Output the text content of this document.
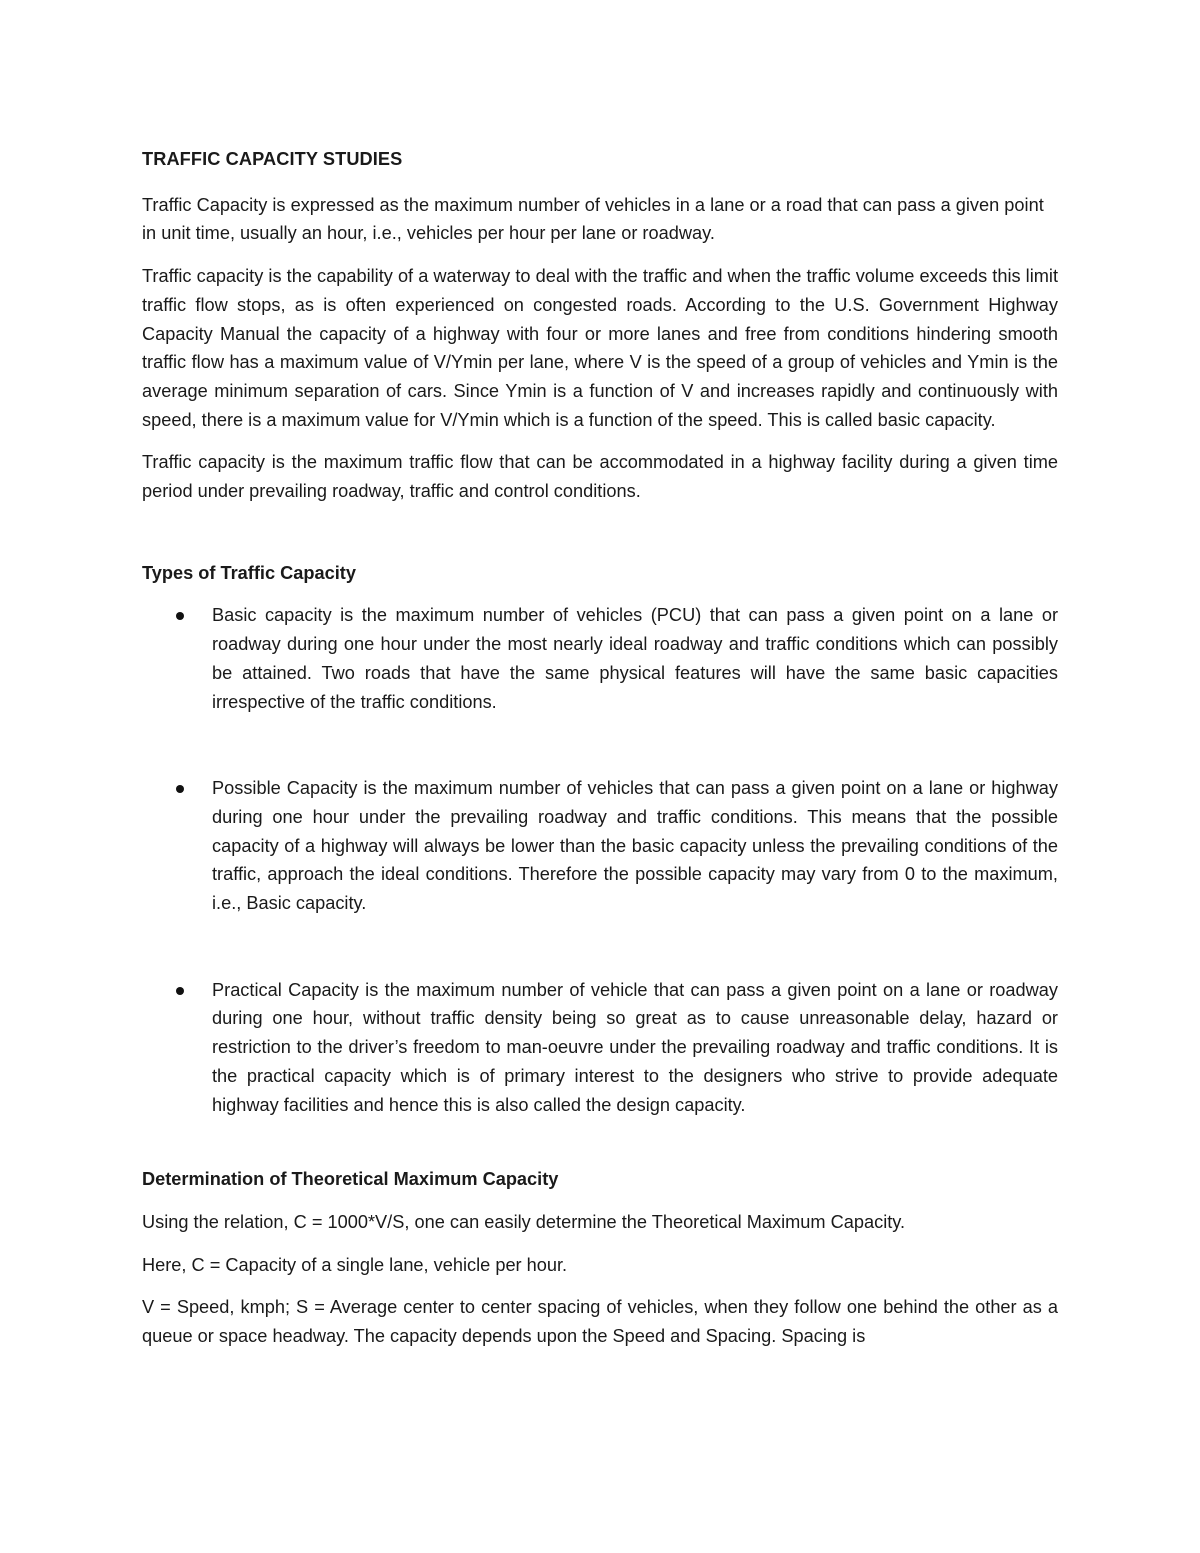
TRAFFIC CAPACITY STUDIES

Traffic Capacity is expressed as the maximum number of vehicles in a lane or a road that can pass a given point in unit time, usually an hour, i.e., vehicles per hour per lane or roadway.

Traffic capacity is the capability of a waterway to deal with the traffic and when the traffic volume exceeds this limit traffic flow stops, as is often experienced on congested roads. According to the U.S. Government Highway Capacity Manual the capacity of a highway with four or more lanes and free from conditions hindering smooth traffic flow has a maximum value of V/Ymin per lane, where V is the speed of a group of vehicles and Ymin is the average minimum separation of cars. Since Ymin is a function of V and increases rapidly and continuously with speed, there is a maximum value for V/Ymin which is a function of the speed. This is called basic capacity.

Traffic capacity is the maximum traffic flow that can be accommodated in a highway facility during a given time period under prevailing roadway, traffic and control conditions.

Types of Traffic Capacity
Basic capacity is the maximum number of vehicles (PCU) that can pass a given point on a lane or roadway during one hour under the most nearly ideal roadway and traffic conditions which can possibly be attained. Two roads that have the same physical features will have the same basic capacities irrespective of the traffic conditions.
Possible Capacity is the maximum number of vehicles that can pass a given point on a lane or highway during one hour under the prevailing roadway and traffic conditions. This means that the possible capacity of a highway will always be lower than the basic capacity unless the prevailing conditions of the traffic, approach the ideal conditions. Therefore the possible capacity may vary from 0 to the maximum, i.e., Basic capacity.
Practical Capacity is the maximum number of vehicle that can pass a given point on a lane or roadway during one hour, without traffic density being so great as to cause unreasonable delay, hazard or restriction to the driver’s freedom to man-oeuvre under the prevailing roadway and traffic conditions. It is the practical capacity which is of primary interest to the designers who strive to provide adequate highway facilities and hence this is also called the design capacity.
Determination of Theoretical Maximum Capacity

Using the relation, C = 1000*V/S, one can easily determine the Theoretical Maximum Capacity.

Here, C = Capacity of a single lane, vehicle per hour.

V = Speed, kmph; S = Average center to center spacing of vehicles, when they follow one behind the other as a queue or space headway. The capacity depends upon the Speed and Spacing. Spacing is
